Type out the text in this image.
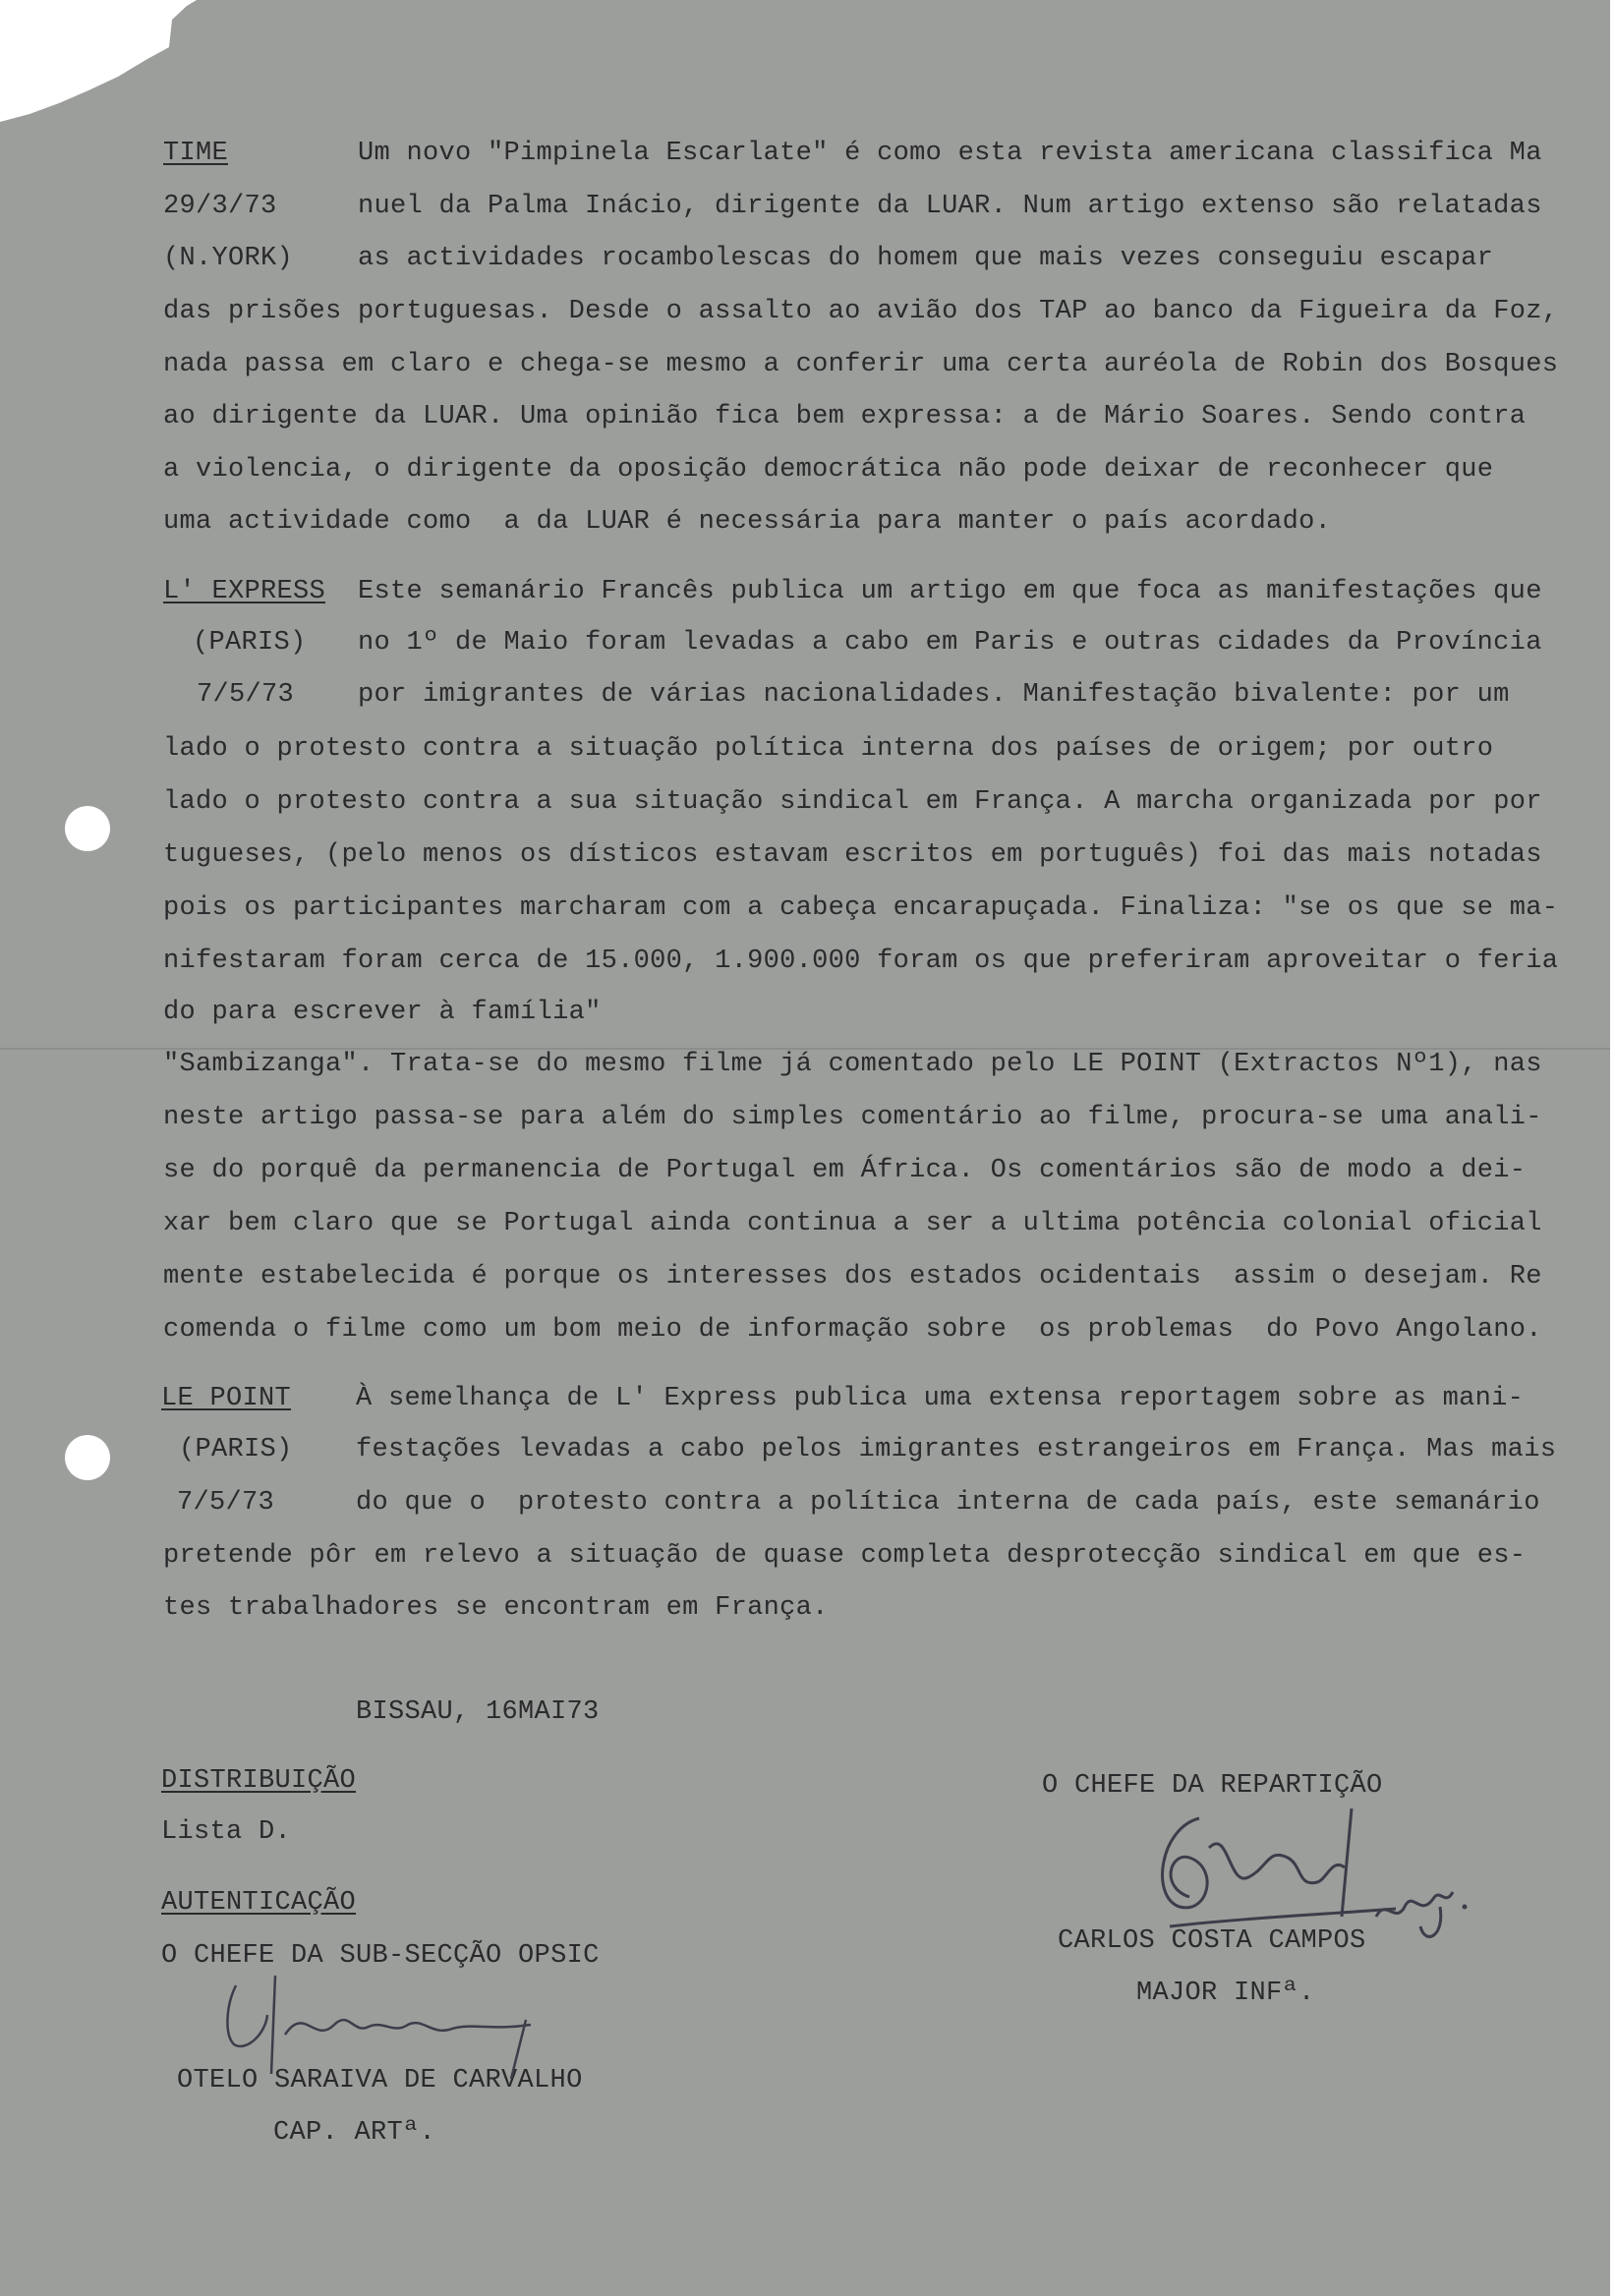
TIME
29/3/73
(N.YORK)
Um novo "Pimpinela Escarlate" é como esta revista americana classifica Ma
nuel da Palma Inácio, dirigente da LUAR. Num artigo extenso são relatadas
as actividades rocambolescas do homem que mais vezes conseguiu escapar
das prisões portuguesas. Desde o assalto ao avião dos TAP ao banco da Figueira da Foz,
nada passa em claro e chega-se mesmo a conferir uma certa auréola de Robin dos Bosques
ao dirigente da LUAR. Uma opinião fica bem expressa: a de Mário Soares. Sendo contra
a violencia, o dirigente da oposição democrática não pode deixar de reconhecer que
uma actividade como  a da LUAR é necessária para manter o país acordado.
L' EXPRESS
(PARIS)
7/5/73
Este semanário Francês publica um artigo em que foca as manifestações que
no 1º de Maio foram levadas a cabo em Paris e outras cidades da Província
por imigrantes de várias nacionalidades. Manifestação bivalente: por um
lado o protesto contra a situação política interna dos países de origem; por outro
lado o protesto contra a sua situação sindical em França. A marcha organizada por por
tugueses, (pelo menos os dísticos estavam escritos em português) foi das mais notadas
pois os participantes marcharam com a cabeça encarapuçada. Finaliza: "se os que se ma-
nifestaram foram cerca de 15.000, 1.900.000 foram os que preferiram aproveitar o feria
do para escrever à família"
"Sambizanga". Trata-se do mesmo filme já comentado pelo LE POINT (Extractos Nº1), nas
neste artigo passa-se para além do simples comentário ao filme, procura-se uma anali-
se do porquê da permanencia de Portugal em África. Os comentários são de modo a dei-
xar bem claro que se Portugal ainda continua a ser a ultima potência colonial oficial
mente estabelecida é porque os interesses dos estados ocidentais  assim o desejam. Re
comenda o filme como um bom meio de informação sobre  os problemas  do Povo Angolano.
LE POINT
(PARIS)
7/5/73
À semelhança de L' Express publica uma extensa reportagem sobre as mani-
festações levadas a cabo pelos imigrantes estrangeiros em França. Mas mais
do que o  protesto contra a política interna de cada país, este semanário
pretende pôr em relevo a situação de quase completa desprotecção sindical em que es-
tes trabalhadores se encontram em França.
BISSAU, 16MAI73
DISTRIBUIÇÃO
Lista D.
AUTENTICAÇÃO
O CHEFE DA SUB-SECÇÃO OPSIC
OTELO SARAIVA DE CARVALHO
CAP. ARTª.
O CHEFE DA REPARTIÇÃO
CARLOS COSTA CAMPOS
MAJOR INFª.
